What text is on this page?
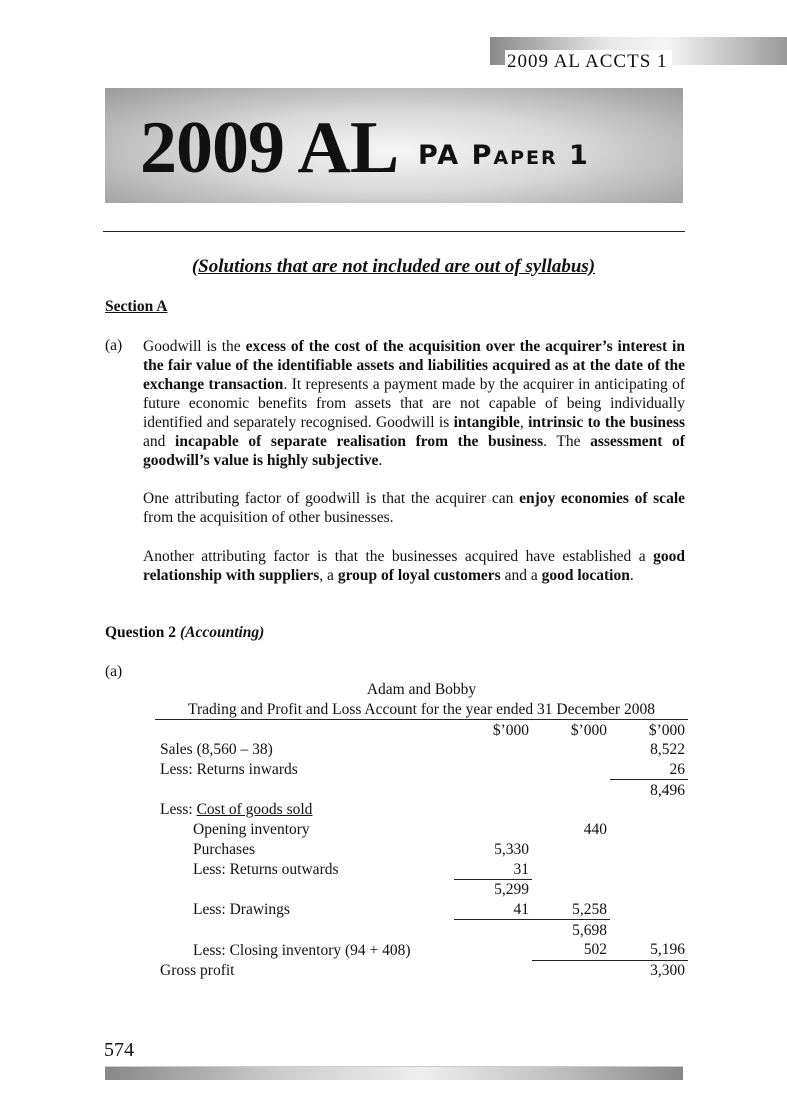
2009 AL ACCTS 1
2009 AL PA Paper 1
(Solutions that are not included are out of syllabus)
Section A
(a) Goodwill is the excess of the cost of the acquisition over the acquirer’s interest in the fair value of the identifiable assets and liabilities acquired as at the date of the exchange transaction. It represents a payment made by the acquirer in anticipating of future economic benefits from assets that are not capable of being individually identified and separately recognised. Goodwill is intangible, intrinsic to the business and incapable of separate realisation from the business. The assessment of goodwill’s value is highly subjective.
One attributing factor of goodwill is that the acquirer can enjoy economies of scale from the acquisition of other businesses.
Another attributing factor is that the businesses acquired have established a good relationship with suppliers, a group of loyal customers and a good location.
Question 2 (Accounting)
(a)
Adam and Bobby			
Trading and Profit and Loss Account for the year ended 31 December 2008			
	$’000	$’000	$’000
Sales (8,560 – 38)			8,522
Less: Returns inwards			26
			8,496
Less: Cost of goods sold			
Opening inventory		440	
Purchases	5,330		
Less: Returns outwards	31		
	5,299		
Less: Drawings	41	5,258	
		5,698	
Less: Closing inventory (94 + 408)		502	5,196
Gross profit			3,300
574
